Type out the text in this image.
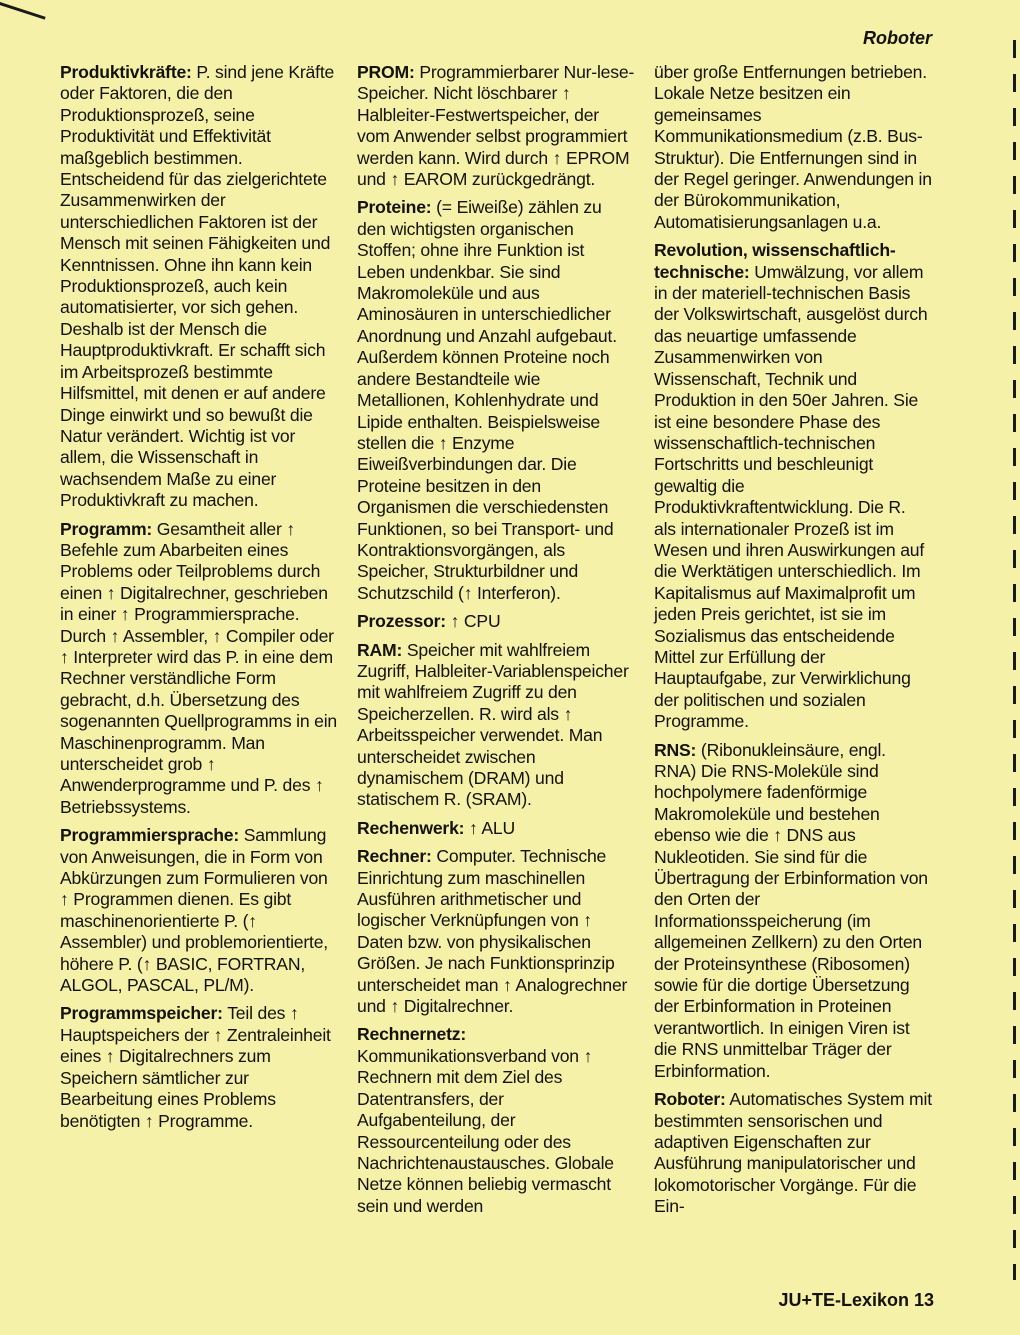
Roboter

Produktivkräfte: P. sind jene Kräfte oder Faktoren, die den Produktionsprozeß, seine Produktivität und Effektivität maßgeblich bestimmen. Entscheidend für das zielgerichtete Zusammenwirken der unterschiedlichen Faktoren ist der Mensch mit seinen Fähigkeiten und Kenntnissen. Ohne ihn kann kein Produktionsprozeß, auch kein automatisierter, vor sich gehen. Deshalb ist der Mensch die Hauptproduktivkraft. Er schafft sich im Arbeitsprozeß bestimmte Hilfsmittel, mit denen er auf andere Dinge einwirkt und so bewußt die Natur verändert. Wichtig ist vor allem, die Wissenschaft in wachsendem Maße zu einer Produktivkraft zu machen.

Programm: Gesamtheit aller ↑ Befehle zum Abarbeiten eines Problems oder Teilproblems durch einen ↑ Digitalrechner, geschrieben in einer ↑ Programmiersprache. Durch ↑ Assembler, ↑ Compiler oder ↑ Interpreter wird das P. in eine dem Rechner verständliche Form gebracht, d.h. Übersetzung des sogenannten Quellprogramms in ein Maschinenprogramm. Man unterscheidet grob ↑ Anwenderprogramme und P. des ↑ Betriebssystems.

Programmiersprache: Sammlung von Anweisungen, die in Form von Abkürzungen zum Formulieren von ↑ Programmen dienen. Es gibt maschinenorientierte P. (↑ Assembler) und problemorientierte, höhere P. (↑ BASIC, FORTRAN, ALGOL, PASCAL, PL/M).

Programmspeicher: Teil des ↑ Hauptspeichers der ↑ Zentraleinheit eines ↑ Digitalrechners zum Speichern sämtlicher zur Bearbeitung eines Problems benötigten ↑ Programme.

PROM: Programmierbarer Nur-lese-Speicher. Nicht löschbarer ↑ Halbleiter-Festwertspeicher, der vom Anwender selbst programmiert werden kann. Wird durch ↑ EPROM und ↑ EAROM zurückgedrängt.

Proteine: (= Eiweiße) zählen zu den wichtigsten organischen Stoffen; ohne ihre Funktion ist Leben undenkbar. Sie sind Makromoleküle und aus Aminosäuren in unterschiedlicher Anordnung und Anzahl aufgebaut. Außerdem können Proteine noch andere Bestandteile wie Metallionen, Kohlenhydrate und Lipide enthalten. Beispielsweise stellen die ↑ Enzyme Eiweißverbindungen dar. Die Proteine besitzen in den Organismen die verschiedensten Funktionen, so bei Transport- und Kontraktionsvorgängen, als Speicher, Strukturbildner und Schutzschild (↑ Interferon).

Prozessor: ↑ CPU

RAM: Speicher mit wahlfreiem Zugriff, Halbleiter-Variablenspeicher mit wahlfreiem Zugriff zu den Speicherzellen. R. wird als ↑ Arbeitsspeicher verwendet. Man unterscheidet zwischen dynamischem (DRAM) und statischem R. (SRAM).

Rechenwerk: ↑ ALU

Rechner: Computer. Technische Einrichtung zum maschinellen Ausführen arithmetischer und logischer Verknüpfungen von ↑ Daten bzw. von physikalischen Größen. Je nach Funktionsprinzip unterscheidet man ↑ Analogrechner und ↑ Digitalrechner.

Rechnernetz: Kommunikationsverband von ↑ Rechnern mit dem Ziel des Datentransfers, der Aufgabenteilung, der Ressourcenteilung oder des Nachrichtenaustausches. Globale Netze können beliebig vermascht sein und werden

über große Entfernungen betrieben. Lokale Netze besitzen ein gemeinsames Kommunikationsmedium (z.B. Bus-Struktur). Die Entfernungen sind in der Regel geringer. Anwendungen in der Bürokommunikation, Automatisierungsanlagen u.a.

Revolution, wissenschaftlich-technische: Umwälzung, vor allem in der materiell-technischen Basis der Volkswirtschaft, ausgelöst durch das neuartige umfassende Zusammenwirken von Wissenschaft, Technik und Produktion in den 50er Jahren. Sie ist eine besondere Phase des wissenschaftlich-technischen Fortschritts und beschleunigt gewaltig die Produktivkraftentwicklung. Die R. als internationaler Prozeß ist im Wesen und ihren Auswirkungen auf die Werktätigen unterschiedlich. Im Kapitalismus auf Maximalprofit um jeden Preis gerichtet, ist sie im Sozialismus das entscheidende Mittel zur Erfüllung der Hauptaufgabe, zur Verwirklichung der politischen und sozialen Programme.

RNS: (Ribonukleinsäure, engl. RNA) Die RNS-Moleküle sind hochpolymere fadenförmige Makromoleküle und bestehen ebenso wie die ↑ DNS aus Nukleotiden. Sie sind für die Übertragung der Erbinformation von den Orten der Informationsspeicherung (im allgemeinen Zellkern) zu den Orten der Proteinsynthese (Ribosomen) sowie für die dortige Übersetzung der Erbinformation in Proteinen verantwortlich. In einigen Viren ist die RNS unmittelbar Träger der Erbinformation.

Roboter: Automatisches System mit bestimmten sensorischen und adaptiven Eigenschaften zur Ausführung manipulatorischer und lokomotorischer Vorgänge. Für die Ein-

JU+TE-Lexikon 13
